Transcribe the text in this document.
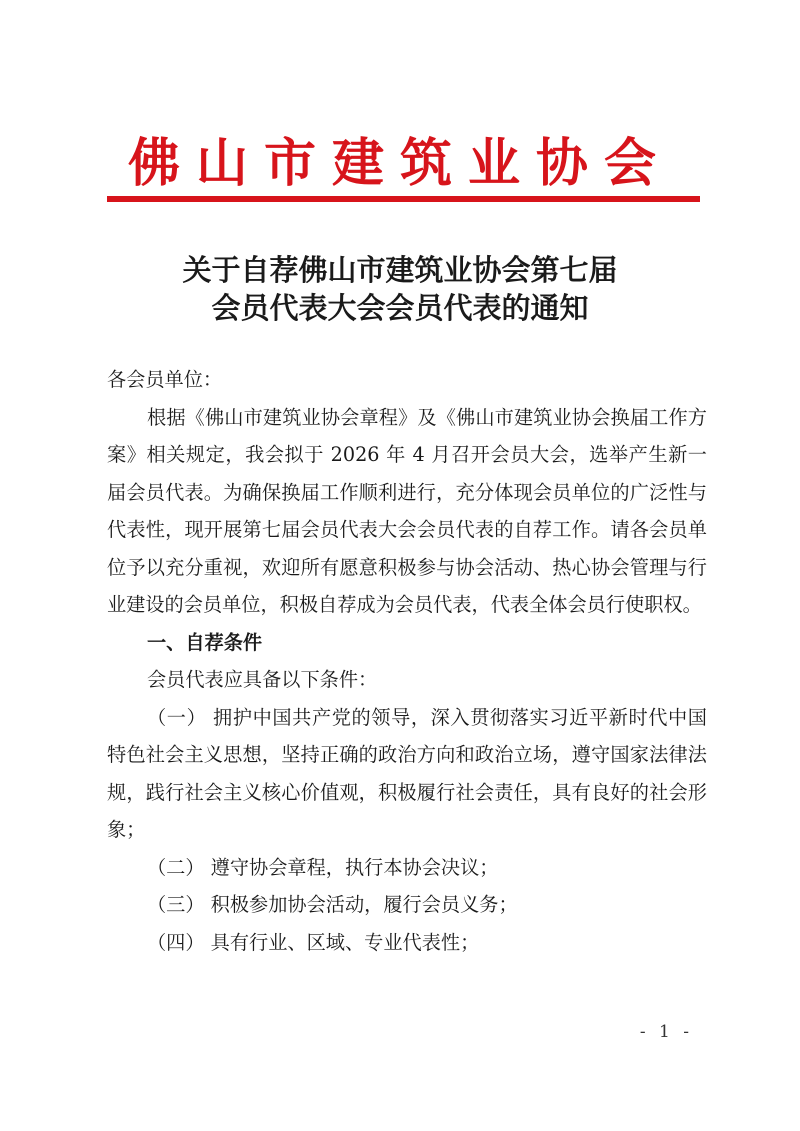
佛山市建筑业协会
关于自荐佛山市建筑业协会第七届
会员代表大会会员代表的通知

各会员单位：

根据《佛山市建筑业协会章程》及《佛山市建筑业协会换届工作方案》相关规定，我会拟于 2026 年 4 月召开会员大会，选举产生新一届会员代表。为确保换届工作顺利进行，充分体现会员单位的广泛性与代表性，现开展第七届会员代表大会会员代表的自荐工作。请各会员单位予以充分重视，欢迎所有愿意积极参与协会活动、热心协会管理与行业建设的会员单位，积极自荐成为会员代表，代表全体会员行使职权。

一、自荐条件

会员代表应具备以下条件：

（一） 拥护中国共产党的领导，深入贯彻落实习近平新时代中国特色社会主义思想，坚持正确的政治方向和政治立场，遵守国家法律法规，践行社会主义核心价值观，积极履行社会责任，具有良好的社会形象；

（二） 遵守协会章程，执行本协会决议；

（三） 积极参加协会活动，履行会员义务；

（四） 具有行业、区域、专业代表性；

- 1 -
